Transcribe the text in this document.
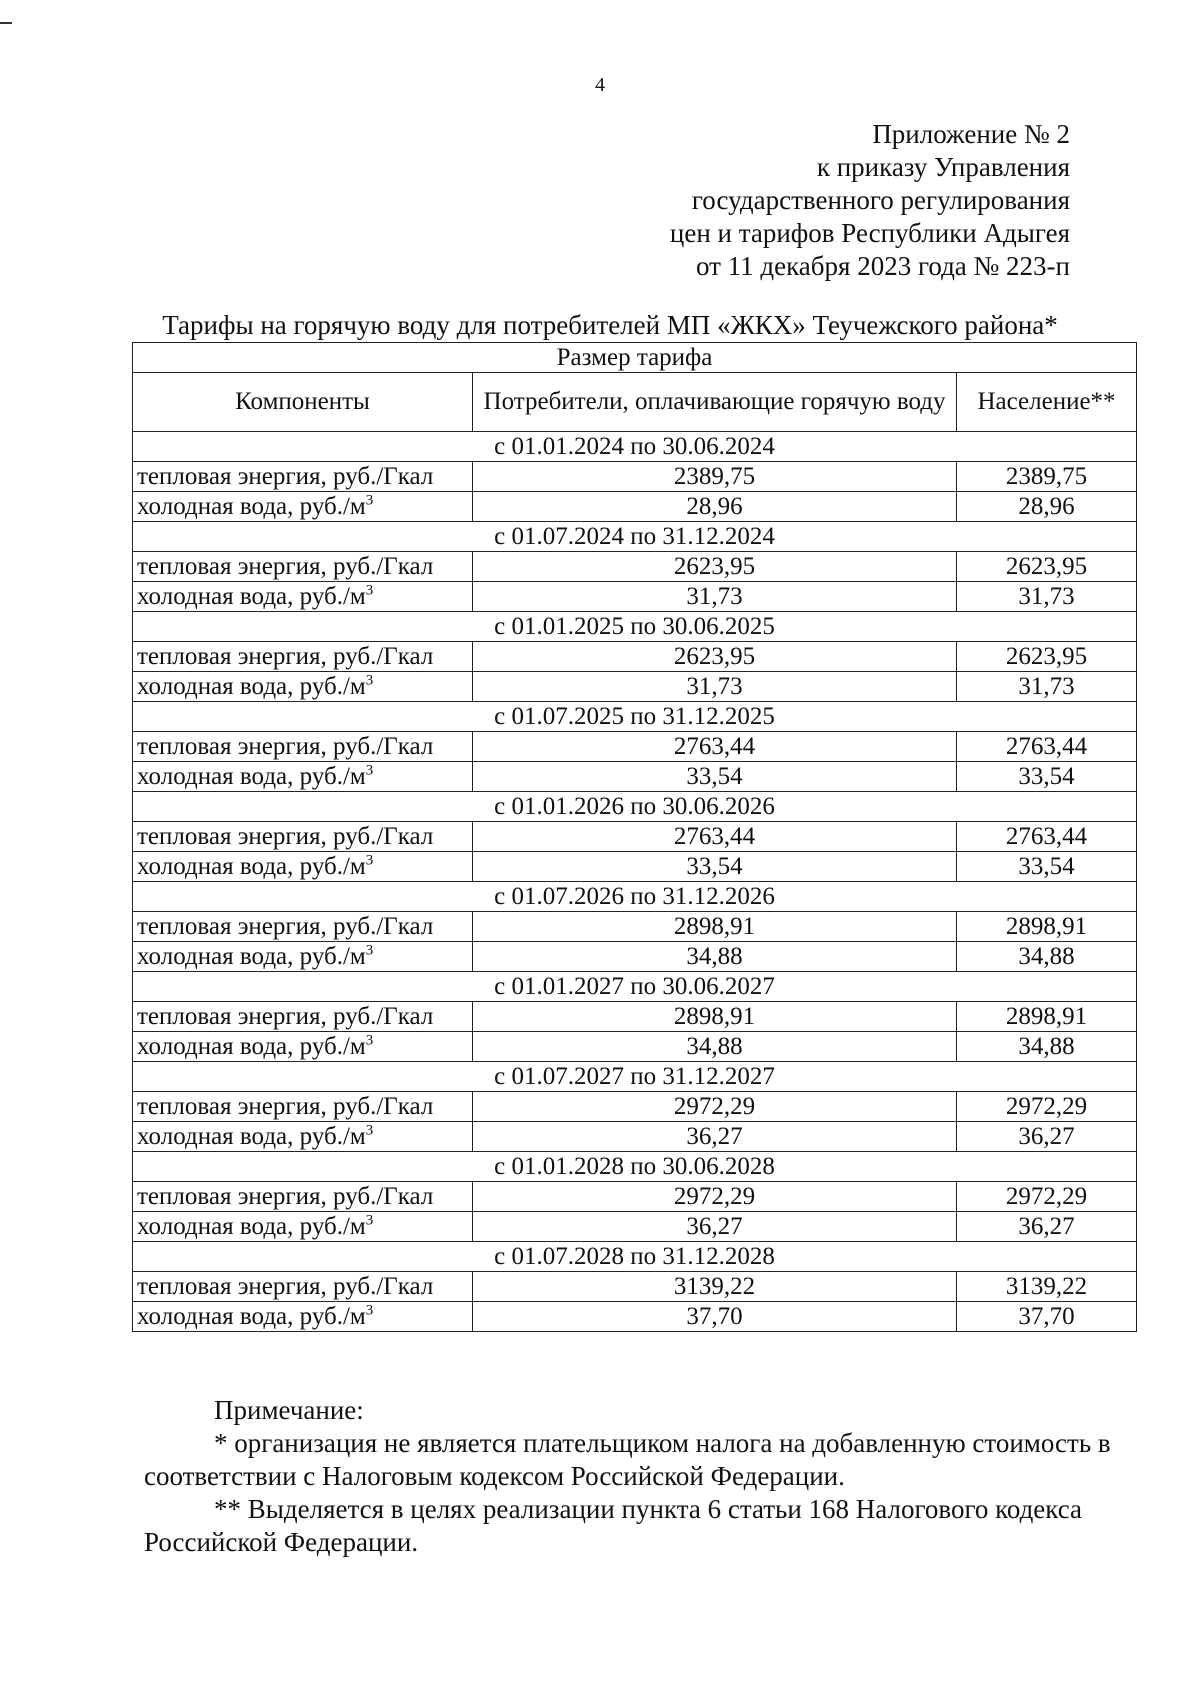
4
Приложение № 2
к приказу Управления
государственного регулирования
цен и тарифов Республики Адыгея
от 11 декабря 2023 года № 223-п
Тарифы на горячую воду для потребителей МП «ЖКХ» Теучежского района*
Размер тарифа		
Компоненты	Потребители, оплачивающие горячую воду	Население**
с 01.01.2024 по 30.06.2024		
тепловая энергия, руб./Гкал	2389,75	2389,75
холодная вода, $руб./м^3$	28,96	28,96
с 01.07.2024 по 31.12.2024		
тепловая энергия, руб./Гкал	2623,95	2623,95
холодная вода, $руб./м^3$	31,73	31,73
с 01.01.2025 по 30.06.2025		
тепловая энергия, руб./Гкал	2623,95	2623,95
холодная вода, $руб./м^3$	31,73	31,73
с 01.07.2025 по 31.12.2025		
тепловая энергия, руб./Гкал	2763,44	2763,44
холодная вода, $руб./м^3$	33,54	33,54
с 01.01.2026 по 30.06.2026		
тепловая энергия, руб./Гкал	2763,44	2763,44
холодная вода, $руб./м^3$	33,54	33,54
с 01.07.2026 по 31.12.2026		
тепловая энергия, руб./Гкал	2898,91	2898,91
холодная вода, $руб./м^3$	34,88	34,88
с 01.01.2027 по 30.06.2027		
тепловая энергия, руб./Гкал	2898,91	2898,91
холодная вода, $руб./м^3$	34,88	34,88
с 01.07.2027 по 31.12.2027		
тепловая энергия, руб./Гкал	2972,29	2972,29
холодная вода, $руб./м^3$	36,27	36,27
с 01.01.2028 по 30.06.2028		
тепловая энергия, руб./Гкал	2972,29	2972,29
холодная вода, $руб./м^3$	36,27	36,27
с 01.07.2028 по 31.12.2028		
тепловая энергия, руб./Гкал	3139,22	3139,22
холодная вода, $руб./м^3$	37,70	37,70
Примечание:
* организация не является плательщиком налога на добавленную стоимость в соответствии с Налоговым кодексом Российской Федерации.
** Выделяется в целях реализации пункта 6 статьи 168 Налогового кодекса Российской Федерации.
